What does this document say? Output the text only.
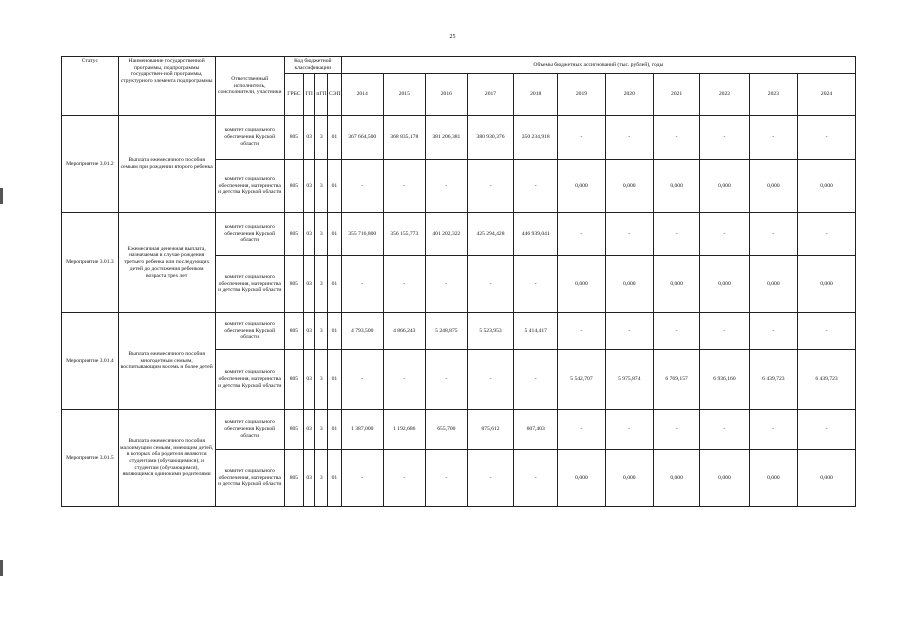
25
Статус	Наименование государственной программы, подпрограммы государствен-ной программы, структурного элемента подпрограммы	Ответственный исполнитель, соисполнители, участники	Код бюджетной классификации				Объемы бюджетных ассигнований (тыс. рублей), годы										
			ГРБС	ГП	пГП	СЭП	2014	2015	2016	2017	2018	2019	2020	2021	2022	2023	2024
Мероприятие 3.01.2	Выплата ежемесячного пособия семьям при рождении второго ребенка	комитет социального обеспечения Курской области	805	03	3	01	367 664,500	368 835,178	381 206,381	380 930,376	350 234,918	-	-	-	-	-	-
		комитет социального обеспечения, материнства и детства Курской области	805	03	3	01	-	-	-	-	-	0,000	0,000	0,000	0,000	0,000	0,000
Мероприятие 3.01.3	Ежемесячная денежная выплата, назначаемая в случае рождения третьего ребенка или последующих детей до достижения ребенком возраста трех лет	комитет социального обеспечения Курской области	805	03	3	01	355 716,800	356 155,773	401 202,322	425 294,428	446 939,041	-	-	-	-	-	-
		комитет социального обеспечения, материнства и детства Курской области	805	03	3	01	-	-	-	-	-	0,000	0,000	0,000	0,000	0,000	0,000
Мероприятие 3.01.4	Выплата ежемесячного пособия многодетным семьям, воспитывающим восемь и более детей	комитет социального обеспечения Курской области	805	03	3	01	4 793,500	4 866,243	5 248,875	5 523,953	5 414,417	-	-	-	-	-	-
		комитет социального обеспечения, материнства и детства Курской области	805	03	3	01	-	-	-	-	-	5 542,707	5 975,874	6 769,157	6 936,160	6 439,723	6 439,723
Мероприятие 3.01.5	Выплата ежемесячного пособия малоимущим семьям, имеющим детей, в которых оба родителя являются студентами (обучающимися), и студентам (обучающимся), являющимся одинокими родителями	комитет социального обеспечения Курской области	805	03	3	01	1 387,000	1 192,686	655,700	875,612	607,403	-	-	-	-	-	-
		комитет социального обеспечения, материнства и детства Курской области	805	03	3	01	-	-	-	-	-	0,000	0,000	0,000	0,000	0,000	0,000
